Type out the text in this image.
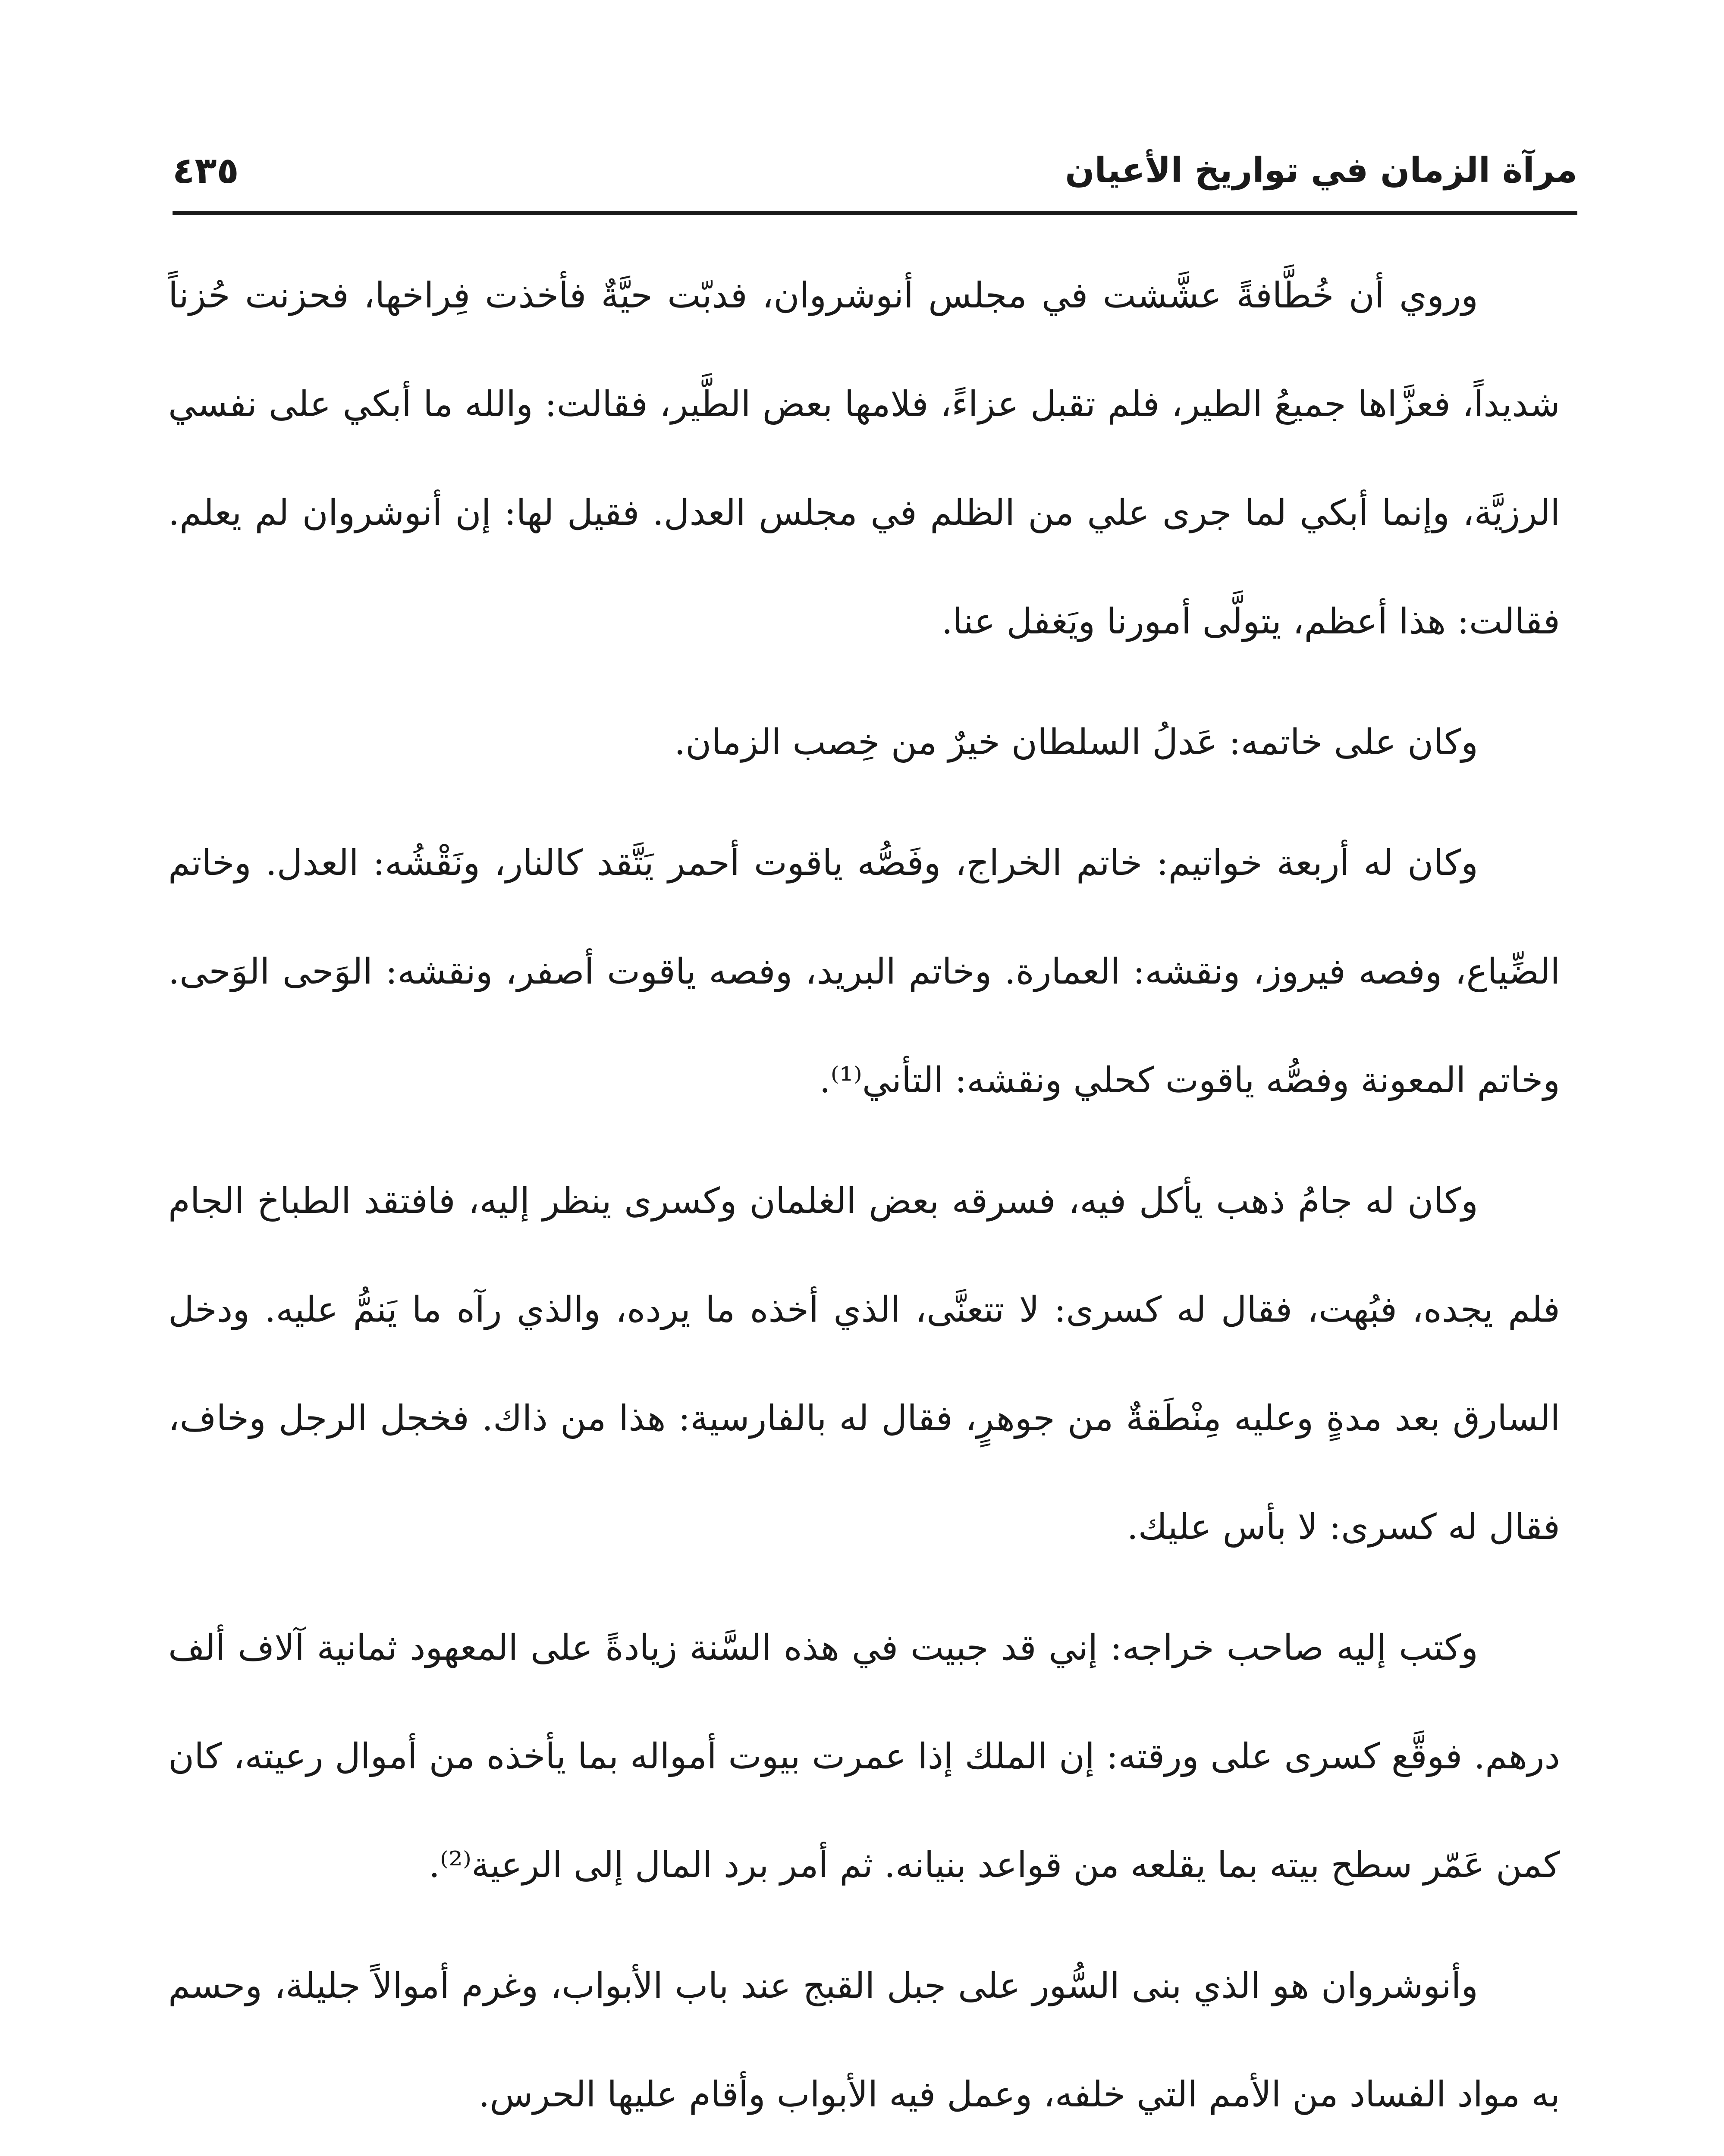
مرآة الزمان في تواريخ الأعيان
٤٣٥

وروي أن خُطَّافةً عشَّشت في مجلس أنوشروان، فدبّت حيَّةٌ فأخذت فِراخها، فحزنت حُزناً شديداً، فعزَّاها جميعُ الطير، فلم تقبل عزاءً، فلامها بعض الطَّير، فقالت: والله ما أبكي على نفسي الرزيَّة، وإنما أبكي لما جرى علي من الظلم في مجلس العدل. فقيل لها: إن أنوشروان لم يعلم. فقالت: هذا أعظم، يتولَّى أمورنا ويَغفل عنا.

وكان على خاتمه: عَدلُ السلطان خيرٌ من خِصب الزمان.

وكان له أربعة خواتيم: خاتم الخراج، وفَصُّه ياقوت أحمر يَتَّقد كالنار، ونَقْشُه: العدل. وخاتم الضِّياع، وفصه فيروز، ونقشه: العمارة. وخاتم البريد، وفصه ياقوت أصفر، ونقشه: الوَحى الوَحى. وخاتم المعونة وفصُّه ياقوت كحلي ونقشه: التأني⁽¹⁾.

وكان له جامُ ذهب يأكل فيه، فسرقه بعض الغلمان وكسرى ينظر إليه، فافتقد الطباخ الجام فلم يجده، فبُهت، فقال له كسرى: لا تتعنَّى، الذي أخذه ما يرده، والذي رآه ما يَنمُّ عليه. ودخل السارق بعد مدةٍ وعليه مِنْطَقةٌ من جوهرٍ، فقال له بالفارسية: هذا من ذاك. فخجل الرجل وخاف، فقال له كسرى: لا بأس عليك.

وكتب إليه صاحب خراجه: إني قد جبيت في هذه السَّنة زيادةً على المعهود ثمانية آلاف ألف درهم. فوقَّع كسرى على ورقته: إن الملك إذا عمرت بيوت أمواله بما يأخذه من أموال رعيته، كان كمن عَمّر سطح بيته بما يقلعه من قواعد بنيانه. ثم أمر برد المال إلى الرعية⁽²⁾.

وأنوشروان هو الذي بنى السُّور على جبل القبج عند باب الأبواب، وغرم أموالاً جليلة، وحسم به مواد الفساد من الأمم التي خلفه، وعمل فيه الأبواب وأقام عليها الحرس.
